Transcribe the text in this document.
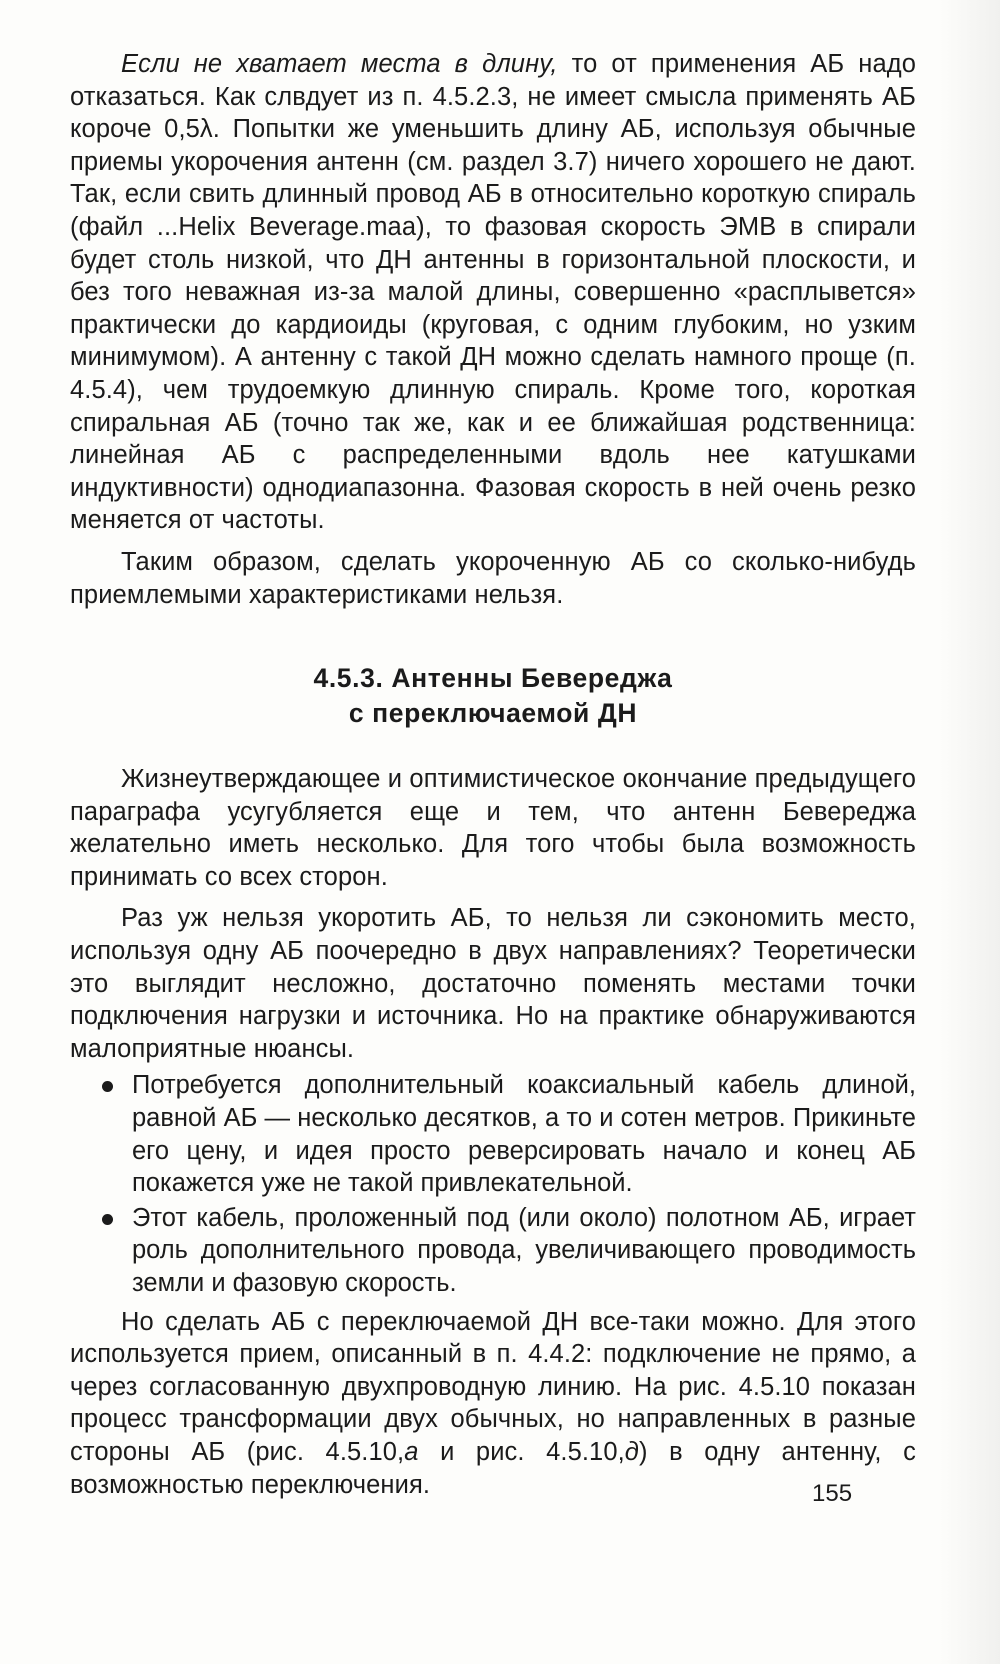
Если не хватает места в длину, то от применения АБ надо отказаться. Как слвдует из п. 4.5.2.3, не имеет смысла применять АБ короче 0,5λ. Попытки же уменьшить длину АБ, используя обычные приемы укорочения антенн (см. раздел 3.7) ничего хорошего не дают. Так, если свить длинный провод АБ в относительно короткую спираль (файл ...Helix Beverage.maa), то фазовая скорость ЭМВ в спирали будет столь низкой, что ДН антенны в горизонтальной плоскости, и без того неважная из-за малой длины, совершенно «расплывется» практически до кардиоиды (круговая, с одним глубоким, но узким минимумом). А антенну с такой ДН можно сделать намного проще (п. 4.5.4), чем трудоемкую длинную спираль. Кроме того, короткая спиральная АБ (точно так же, как и ее ближайшая родственница: линейная АБ с распределенными вдоль нее катушками индуктивности) однодиапазонна. Фазовая скорость в ней очень резко меняется от частоты.

Таким образом, сделать укороченную АБ со сколько-нибудь приемлемыми характеристиками нельзя.

4.5.3. Антенны Бевереджа
с переключаемой ДН

Жизнеутверждающее и оптимистическое окончание предыдущего параграфа усугубляется еще и тем, что антенн Бевереджа желательно иметь несколько. Для того чтобы была возможность принимать со всех сторон.

Раз уж нельзя укоротить АБ, то нельзя ли сэкономить место, используя одну АБ поочередно в двух направлениях? Теоретически это выглядит несложно, достаточно поменять местами точки подключения нагрузки и источника. Но на практике обнаруживаются малоприятные нюансы.

Потребуется дополнительный коаксиальный кабель длиной, равной АБ — несколько десятков, а то и сотен метров. Прикиньте его цену, и идея просто реверсировать начало и конец АБ покажется уже не такой привлекательной.
Этот кабель, проложенный под (или около) полотном АБ, играет роль дополнительного провода, увеличивающего проводимость земли и фазовую скорость.

Но сделать АБ с переключаемой ДН все-таки можно. Для этого используется прием, описанный в п. 4.4.2: подключение не прямо, а через согласованную двухпроводную линию. На рис. 4.5.10 показан процесс трансформации двух обычных, но направленных в разные стороны АБ (рис. 4.5.10,а и рис. 4.5.10,д) в одну антенну, с возможностью переключения.	155
